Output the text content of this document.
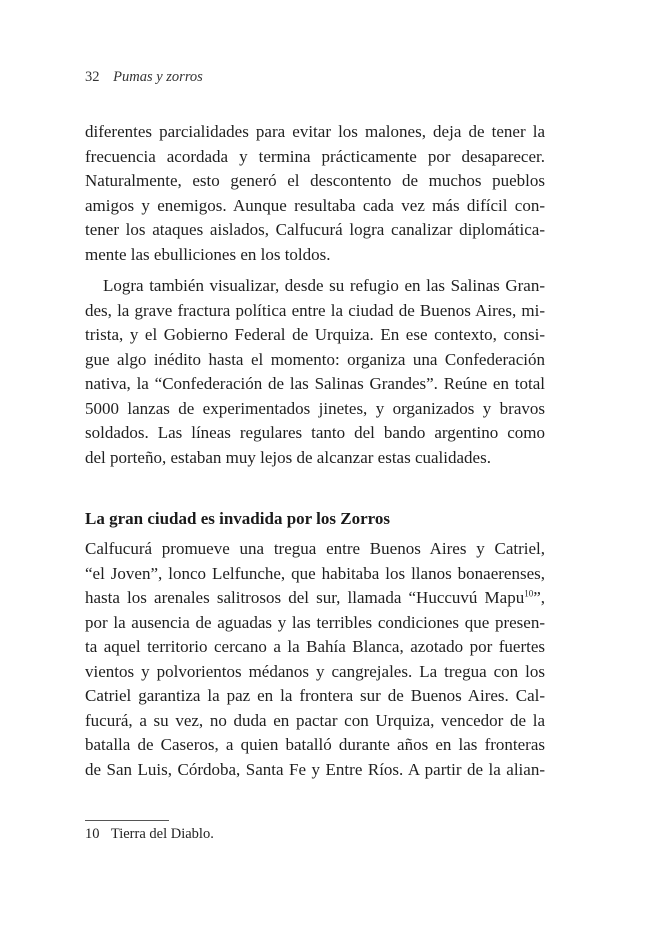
32 Pumas y zorros
diferentes parcialidades para evitar los malones, deja de tener la
frecuencia acordada y termina prácticamente por desaparecer.
Naturalmente, esto generó el descontento de muchos pueblos
amigos y enemigos. Aunque resultaba cada vez más difícil con-
tener los ataques aislados, Calfucurá logra canalizar diplomática-
mente las ebulliciones en los toldos.
Logra también visualizar, desde su refugio en las Salinas Gran-
des, la grave fractura política entre la ciudad de Buenos Aires, mi-
trista, y el Gobierno Federal de Urquiza. En ese contexto, consi-
gue algo inédito hasta el momento: organiza una Confederación
nativa, la “Confederación de las Salinas Grandes”. Reúne en total
5000 lanzas de experimentados jinetes, y organizados y bravos
soldados. Las líneas regulares tanto del bando argentino como
del porteño, estaban muy lejos de alcanzar estas cualidades.
La gran ciudad es invadida por los Zorros
Calfucurá promueve una tregua entre Buenos Aires y Catriel,
“el Joven”, lonco Lelfunche, que habitaba los llanos bonaerenses,
hasta los arenales salitrosos del sur, llamada “Huccuvú Mapu$^{10}$”,
por la ausencia de aguadas y las terribles condiciones que presen-
ta aquel territorio cercano a la Bahía Blanca, azotado por fuertes
vientos y polvorientos médanos y cangrejales. La tregua con los
Catriel garantiza la paz en la frontera sur de Buenos Aires. Cal-
fucurá, a su vez, no duda en pactar con Urquiza, vencedor de la
batalla de Caseros, a quien batalló durante años en las fronteras
de San Luis, Córdoba, Santa Fe y Entre Ríos. A partir de la alian-
10 Tierra del Diablo.
